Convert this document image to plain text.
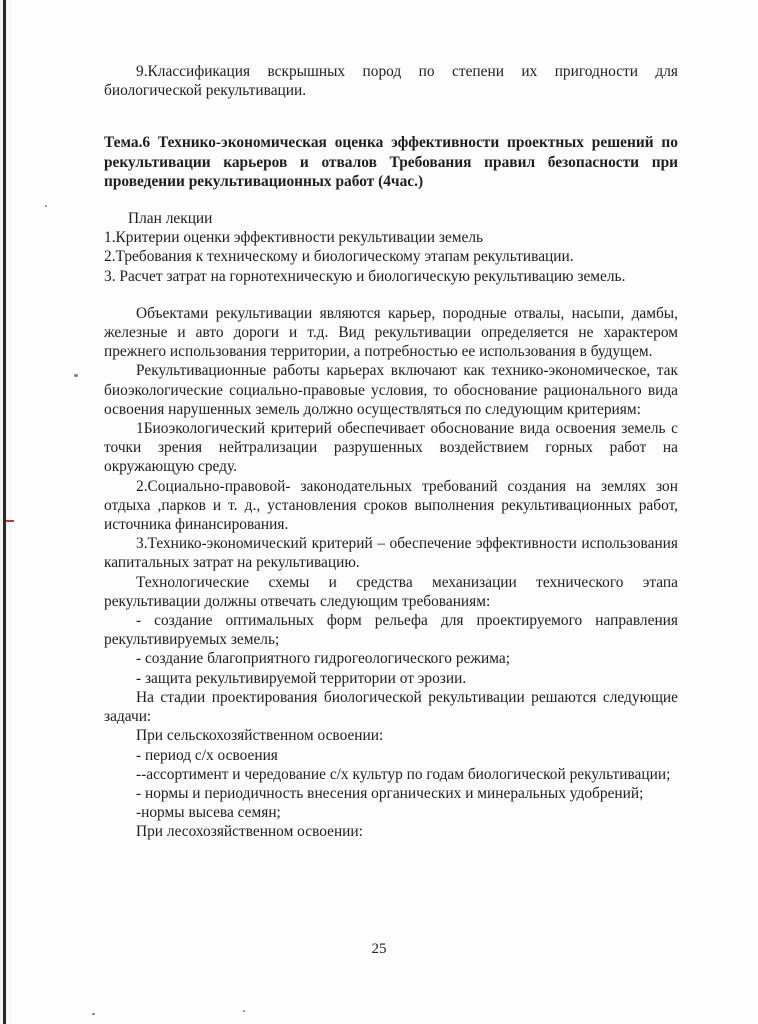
9.Классификация вскрышных пород по степени их пригодности для биологической рекультивации.

Тема.6 Технико-экономическая оценка эффективности проектных решений по рекультивации карьеров и отвалов Требования правил безопасности при проведении рекультивационных работ (4час.)

План лекции

1.Критерии оценки эффективности рекультивации земель

2.Требования к техническому и биологическому этапам рекультивации.

3. Расчет затрат на горнотехническую и биологическую рекультивацию земель.

Объектами рекультивации являются карьер, породные отвалы, насыпи, дамбы, железные и авто дороги и т.д. Вид рекультивации определяется не характером прежнего использования территории, а потребностью ее использования в будущем.

Рекультивационные работы карьерах включают как технико-экономическое, так биоэкологические социально-правовые условия, то обоснование рационального вида освоения нарушенных земель должно осуществляться по следующим критериям:

1Биоэкологический критерий обеспечивает обоснование вида освоения земель с точки зрения нейтрализации разрушенных воздействием горных работ на окружающую среду.

2.Социально-правовой- законодательных требований создания на землях зон отдыха ,парков и т. д., установления сроков выполнения рекультивационных работ, источника финансирования.

3.Технико-экономический критерий – обеспечение эффективности использования капитальных затрат на рекультивацию.

Технологические схемы и средства механизации технического этапа рекультивации должны отвечать следующим требованиям:

- создание оптимальных форм рельефа для проектируемого направления рекультивируемых земель;

- создание благоприятного гидрогеологического режима;

- защита рекультивируемой территории от эрозии.

На стадии проектирования биологической рекультивации решаются следующие задачи:

При сельскохозяйственном освоении:

- период с/х освоения

--ассортимент и чередование с/х культур по годам биологической рекультивации;

- нормы и периодичность внесения органических и минеральных удобрений;

-нормы высева семян;

При лесохозяйственном освоении:

25
